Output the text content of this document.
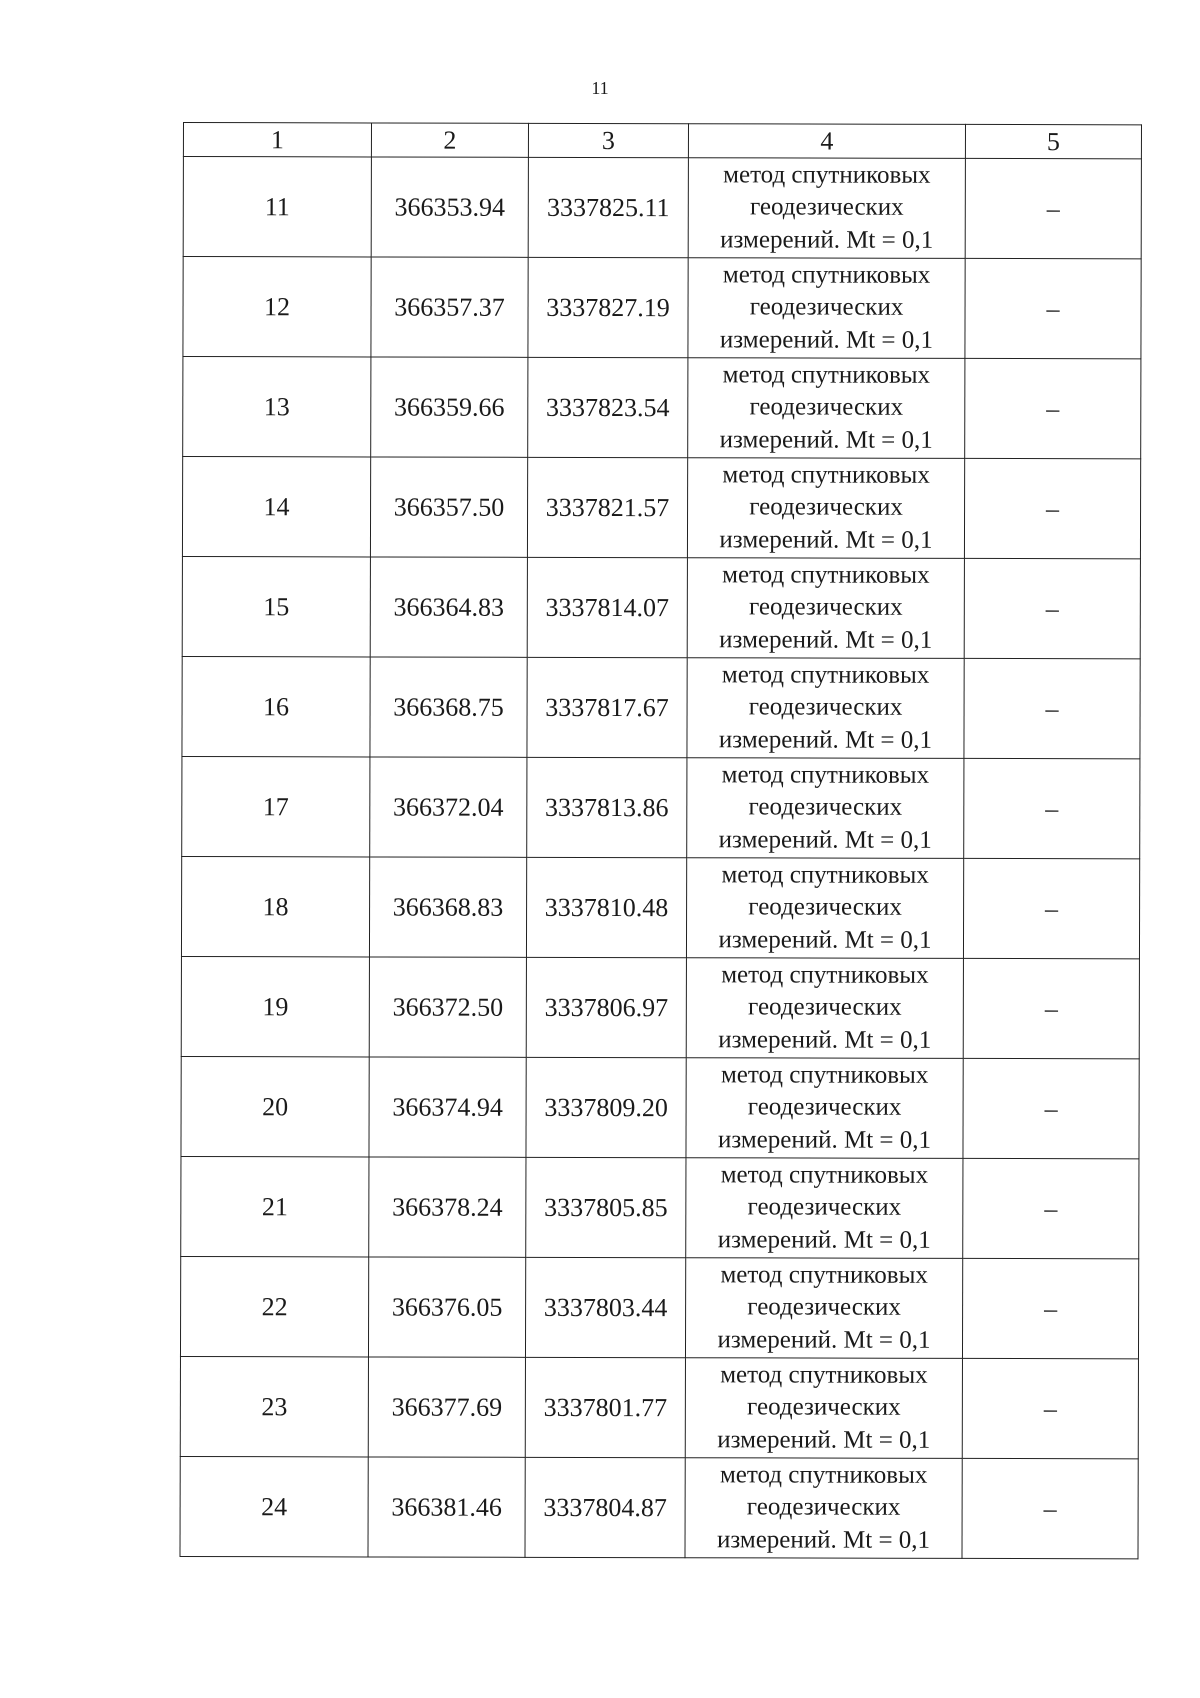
11
1	2	3	4	5
11	366353.94	3337825.11	метод спутниковых
геодезических
измерений. Mt = 0,1	–
12	366357.37	3337827.19	метод спутниковых
геодезических
измерений. Mt = 0,1	–
13	366359.66	3337823.54	метод спутниковых
геодезических
измерений. Mt = 0,1	–
14	366357.50	3337821.57	метод спутниковых
геодезических
измерений. Mt = 0,1	–
15	366364.83	3337814.07	метод спутниковых
геодезических
измерений. Mt = 0,1	–
16	366368.75	3337817.67	метод спутниковых
геодезических
измерений. Mt = 0,1	–
17	366372.04	3337813.86	метод спутниковых
геодезических
измерений. Mt = 0,1	–
18	366368.83	3337810.48	метод спутниковых
геодезических
измерений. Mt = 0,1	–
19	366372.50	3337806.97	метод спутниковых
геодезических
измерений. Mt = 0,1	–
20	366374.94	3337809.20	метод спутниковых
геодезических
измерений. Mt = 0,1	–
21	366378.24	3337805.85	метод спутниковых
геодезических
измерений. Mt = 0,1	–
22	366376.05	3337803.44	метод спутниковых
геодезических
измерений. Mt = 0,1	–
23	366377.69	3337801.77	метод спутниковых
геодезических
измерений. Mt = 0,1	–
24	366381.46	3337804.87	метод спутниковых
геодезических
измерений. Mt = 0,1	–
